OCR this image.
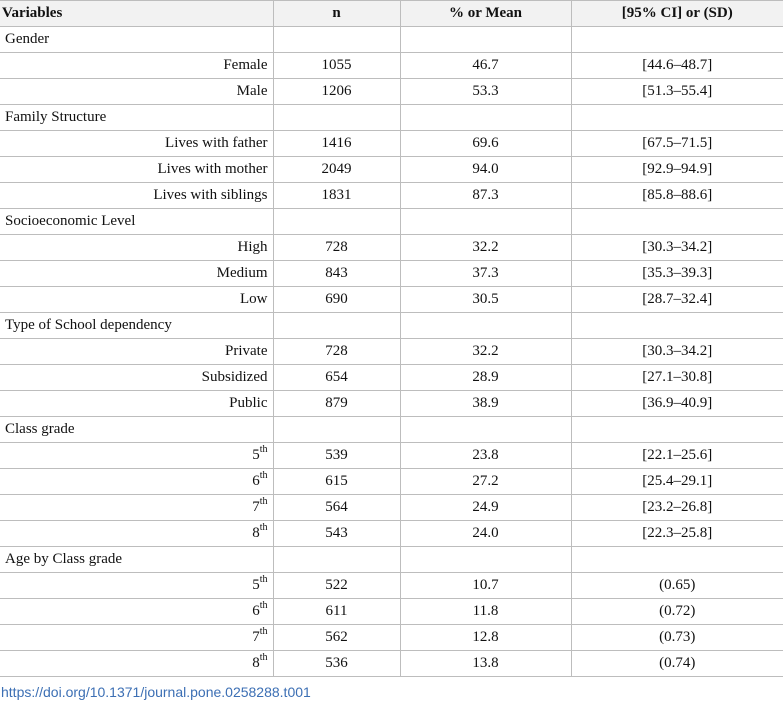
Variables	n	% or Mean	[95% CI] or (SD)
Gender			
Female	1055	46.7	[44.6–48.7]
Male	1206	53.3	[51.3–55.4]
Family Structure			
Lives with father	1416	69.6	[67.5–71.5]
Lives with mother	2049	94.0	[92.9–94.9]
Lives with siblings	1831	87.3	[85.8–88.6]
Socioeconomic Level			
High	728	32.2	[30.3–34.2]
Medium	843	37.3	[35.3–39.3]
Low	690	30.5	[28.7–32.4]
Type of School dependency			
Private	728	32.2	[30.3–34.2]
Subsidized	654	28.9	[27.1–30.8]
Public	879	38.9	[36.9–40.9]
Class grade			
5th	539	23.8	[22.1–25.6]
6th	615	27.2	[25.4–29.1]
7th	564	24.9	[23.2–26.8]
8th	543	24.0	[22.3–25.8]
Age by Class grade			
5th	522	10.7	(0.65)
6th	611	11.8	(0.72)
7th	562	12.8	(0.73)
8th	536	13.8	(0.74)
https://doi.org/10.1371/journal.pone.0258288.t001
